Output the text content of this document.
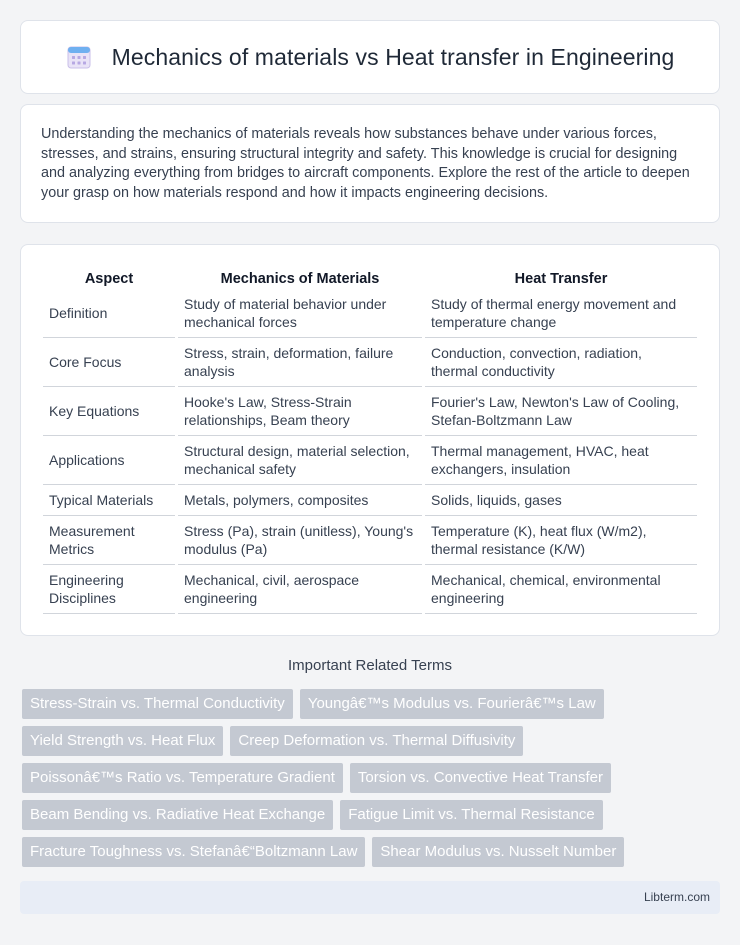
Mechanics of materials vs Heat transfer in Engineering

Understanding the mechanics of materials reveals how substances behave under various forces, stresses, and strains, ensuring structural integrity and safety. This knowledge is crucial for designing and analyzing everything from bridges to aircraft components. Explore the rest of the article to deepen your grasp on how materials respond and how it impacts engineering decisions.

Aspect	Mechanics of Materials	Heat Transfer
Definition	Study of material behavior under mechanical forces	Study of thermal energy movement and temperature change
Core Focus	Stress, strain, deformation, failure analysis	Conduction, convection, radiation, thermal conductivity
Key Equations	Hooke's Law, Stress-Strain relationships, Beam theory	Fourier's Law, Newton's Law of Cooling, Stefan-Boltzmann Law
Applications	Structural design, material selection, mechanical safety	Thermal management, HVAC, heat exchangers, insulation
Typical Materials	Metals, polymers, composites	Solids, liquids, gases
Measurement Metrics	Stress (Pa), strain (unitless), Young's modulus (Pa)	Temperature (K), heat flux (W/m2), thermal resistance (K/W)
Engineering Disciplines	Mechanical, civil, aerospace engineering	Mechanical, chemical, environmental engineering
Important Related Terms
Stress-Strain vs. Thermal Conductivity	Youngâ€™s Modulus vs. Fourierâ€™s Law
Yield Strength vs. Heat Flux	Creep Deformation vs. Thermal Diffusivity
Poissonâ€™s Ratio vs. Temperature Gradient	Torsion vs. Convective Heat Transfer
Beam Bending vs. Radiative Heat Exchange	Fatigue Limit vs. Thermal Resistance
Fracture Toughness vs. Stefanâ€“Boltzmann Law	Shear Modulus vs. Nusselt Number
Libterm.com
